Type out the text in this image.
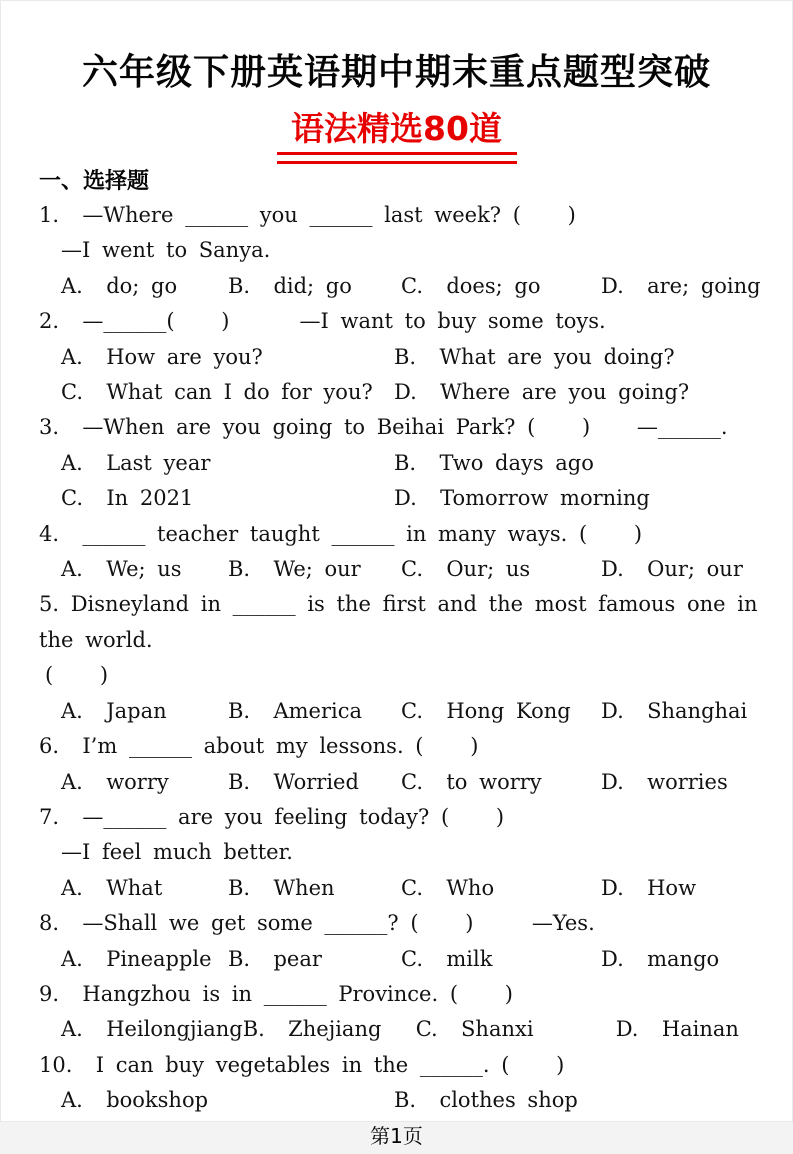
六年级下册英语期中期末重点题型突破
语法精选80道
一、选择题
1.  —Where ______ you ______ last week? (    )
—I went to Sanya.
A.  do; go	B.  did; go	C.  does; go	D.  are; going
2.  —______(    )      —I want to buy some toys.
A.  How are you?	B.  What are you doing?
C.  What can I do for you?	D.  Where are you going?
3.  —When are you going to Beihai Park? (    )    —______.
A.  Last year	B.  Two days ago
C.  In 2021	D.  Tomorrow morning
4.  ______ teacher taught ______ in many ways. (    )
A.  We; us	B.  We; our	C.  Our; us	D.  Our; our
5. Disneyland in ______ is the first and the most famous one in the world.
(    )
A.  Japan	B.  America	C.  Hong Kong	D.  Shanghai
6.  I’m ______ about my lessons. (    )
A.  worry	B.  Worried	C.  to worry	D.  worries
7.  —______ are you feeling today? (    )
—I feel much better.
A.  What	B.  When	C.  Who	D.  How
8.  —Shall we get some ______? (    )     —Yes.
A.  Pineapple B.  pear	C.  milk	D.  mango
9.  Hangzhou is in ______ Province. (    )
A.  Heilongjiang B.  Zhejiang	C.  Shanxi	D.  Hainan
10.  I can buy vegetables in the ______. (    )
A.  bookshop	B.  clothes shop
第1页
